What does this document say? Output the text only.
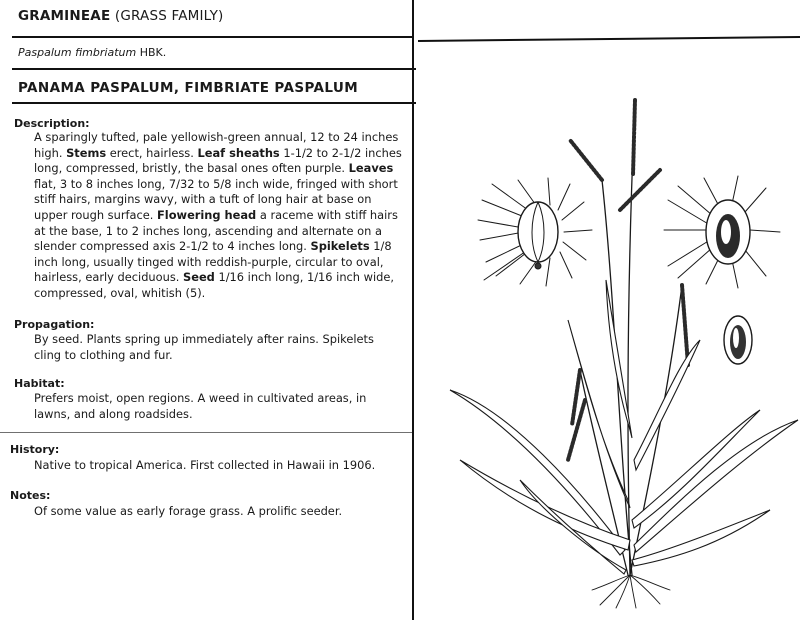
GRAMINEAE (GRASS FAMILY)
Paspalum fimbriatum HBK.
PANAMA PASPALUM, FIMBRIATE PASPALUM
Description:
A sparingly tufted, pale yellowish-green annual, 12 to 24 inches high. Stems erect, hairless. Leaf sheaths 1-1/2 to 2-1/2 inches long, compressed, bristly, the basal ones often purple. Leaves flat, 3 to 8 inches long, 7/32 to 5/8 inch wide, fringed with short stiff hairs, margins wavy, with a tuft of long hair at base on upper rough surface. Flowering head a raceme with stiff hairs at the base, 1 to 2 inches long, ascending and alternate on a slender compressed axis 2-1/2 to 4 inches long. Spikelets 1/8 inch long, usually tinged with reddish-purple, circular to oval, hairless, early deciduous. Seed 1/16 inch long, 1/16 inch wide, compressed, oval, whitish (5).
Propagation:
By seed. Plants spring up immediately after rains. Spikelets cling to clothing and fur.
Habitat:
Prefers moist, open regions. A weed in cultivated areas, in lawns, and along roadsides.
History:
Native to tropical America. First collected in Hawaii in 1906.
Notes:
Of some value as early forage grass. A prolific seeder.
